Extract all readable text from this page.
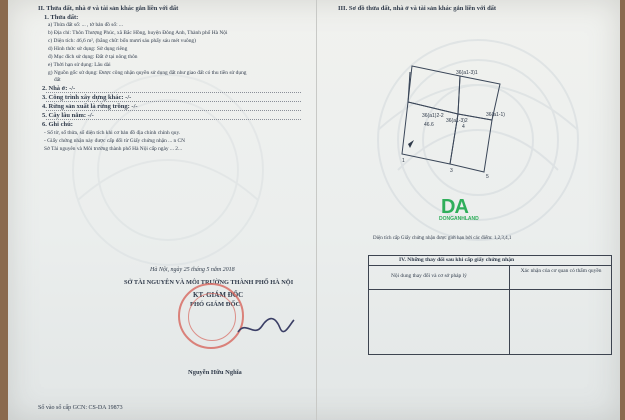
II. Thửa đất, nhà ở và tài sản khác gắn liền với đất
1. Thửa đất:
a) Thửa đất số: ... , tờ bản đồ số: ...
b) Địa chỉ: Thôn Thượng Phúc, xã Bắc Hồng, huyện Đông Anh, Thành phố Hà Nội
c) Diện tích: 46,6 m², (bằng chữ: bốn mươi sáu phẩy sáu mét vuông)
d) Hình thức sử dụng: Sử dụng riêng
đ) Mục đích sử dụng: Đất ở tại nông thôn
e) Thời hạn sử dụng: Lâu dài
g) Nguồn gốc sử dụng: Được công nhận quyền sử dụng đất như giao đất có thu tiền sử dụng
đất
2. Nhà ở: -/-
3. Công trình xây dựng khác: -/-
4. Rừng sản xuất là rừng trồng: -/-
5. Cây lâu năm: -/-
6. Ghi chú:
- Số tờ, số thửa, số diện tích khi cơ bản đồ địa chính chính quy.
- Giấy chứng nhận này được cấp đổi từ Giấy chứng nhận ... n CN
Sở Tài nguyên và Môi trường thành phố Hà Nội cấp ngày ... 2...
Hà Nội, ngày 25 tháng 5 năm 2018
SỞ TÀI NGUYÊN VÀ MÔI TRƯỜNG THÀNH PHỐ HÀ NỘI
KT. GIÁM ĐỐC
PHÓ GIÁM ĐỐC
Nguyễn Hữu Nghĩa
Số vào sổ cấp GCN: CS-DA 19873
III. Sơ đồ thửa đất, nhà ở và tài sản khác gắn liền với đất
36(a1-3)1
36(a1-3)2
36(a1-1)
36(a1)2-2
46.6
1
3
4
5
DA
DONGANHLAND
Diện tích cấp Giấy chứng nhận được giới hạn bởi các điểm: 1,2,3,4,1
IV. Những thay đổi sau khi cấp giấy chứng nhận
Nội dung thay đổi và cơ sở pháp lý
Xác nhận của cơ quan có thẩm quyền
